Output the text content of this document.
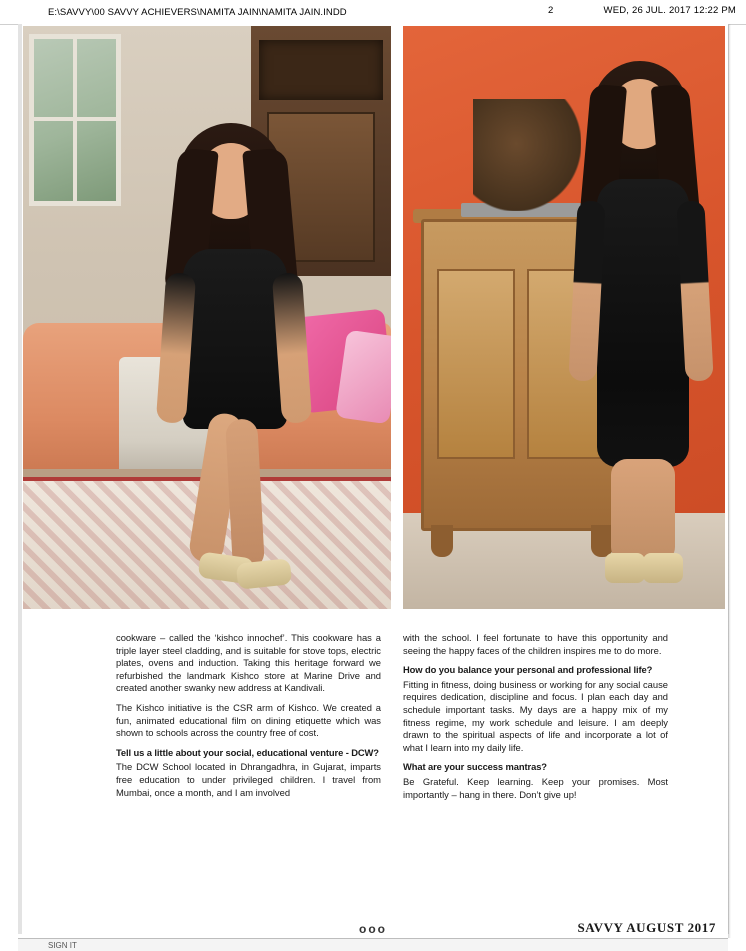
E:\SAVVY\00 SAVVY ACHIEVERS\NAMITA JAIN\NAMITA JAIN.INDD	2	WED, 26 JUL. 2017 12:22 PM

cookware – called the ‘kishco innochef’. This cookware has a triple layer steel cladding, and is suitable for stove tops, electric plates, ovens and induction. Taking this heritage forward we refurbished the landmark Kishco store at Marine Drive and created another swanky new address at Kandivali.

The Kishco initiative is the CSR arm of Kishco. We created a fun, animated educational film on dining etiquette which was shown to schools across the country free of cost.

Tell us a little about your social, educational venture - DCW?

The DCW School located in Dhrangadhra, in Gujarat, imparts free education to under privileged children. I travel from Mumbai, once a month, and I am involved

with the school. I feel fortunate to have this opportunity and seeing the happy faces of the children inspires me to do more.

How do you balance your personal and professional life?

Fitting in fitness, doing business or working for any social cause requires dedication, discipline and focus. I plan each day and schedule important tasks. My days are a happy mix of my fitness regime, my work schedule and leisure. I am deeply drawn to the spiritual aspects of life and incorporate a lot of what I learn into my daily life.

What are your success mantras?

Be Grateful. Keep learning. Keep your promises. Most importantly – hang in there. Don’t give up!

ooo	SAVVY AUGUST 2017
SIGN IT
